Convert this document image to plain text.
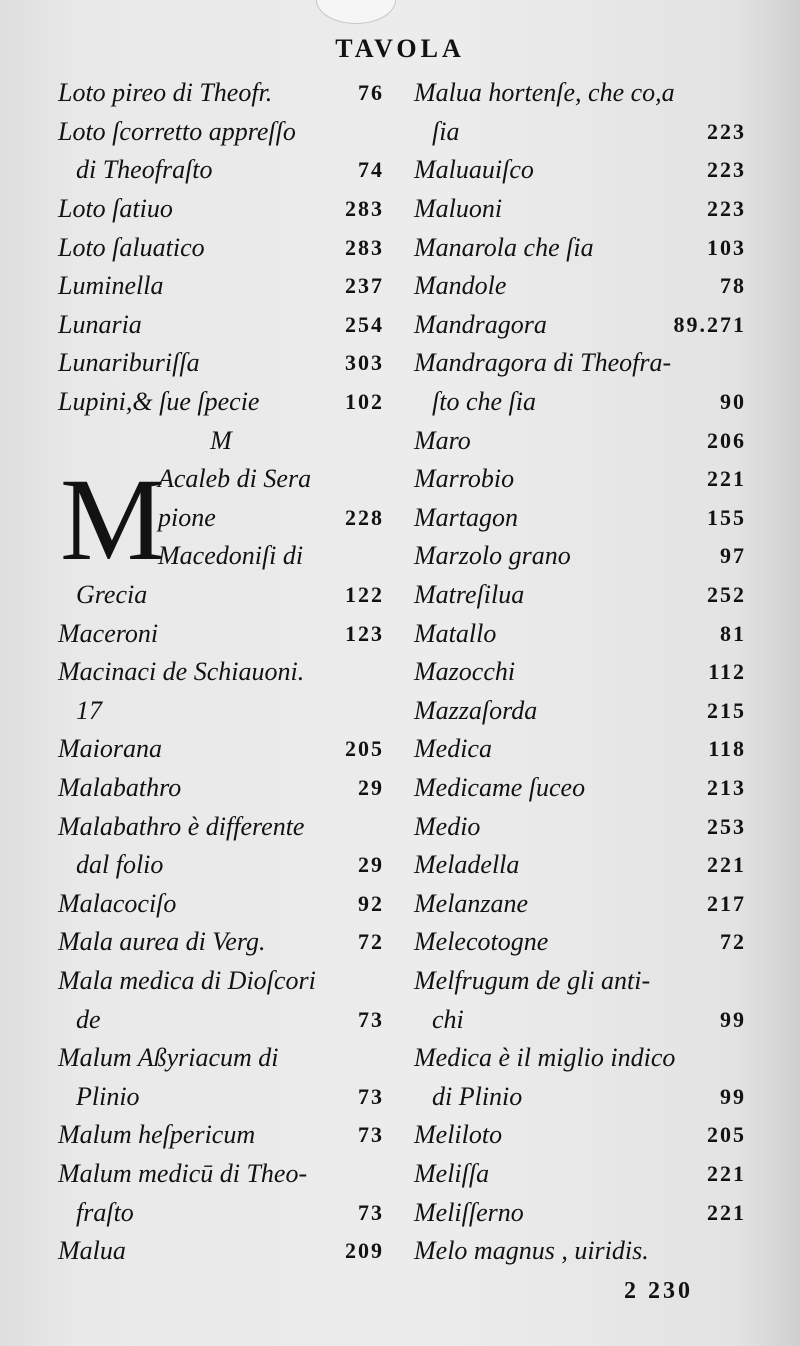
TAVOLA
M
Loto pireo di Theofr.	76
Loto ſcorretto appreſſo
di Theofraſto	74
Loto ſatiuo	283
Loto ſaluatico	283
Luminella	237
Lunaria	254
Lunariburiſſa	303
Lupini,& ſue ſpecie	102
M
Acaleb di Sera
pione	228
Macedoniſi di
Grecia	122
Maceroni	123
Macinaci de Schiauoni.
17
Maiorana	205
Malabathro	29
Malabathro è differente
dal folio	29
Malacociſo	92
Mala aurea di Verg.	72
Mala medica di Dioſcori
de	73
Malum Aßyriacum di
Plinio	73
Malum heſpericum	73
Malum medicū di Theo-
fraſto	73
Malua	209
Malua hortenſe, che co,a
ſia	223
Maluauiſco	223
Maluoni	223
Manarola che ſia	103
Mandole	78
Mandragora	89.271
Mandragora di Theofra-
ſto che ſia	90
Maro	206
Marrobio	221
Martagon	155
Marzolo grano	97
Matreſilua	252
Matallo	81
Mazocchi	112
Mazzaſorda	215
Medica	118
Medicame ſuceo	213
Medio	253
Meladella	221
Melanzane	217
Melecotogne	72
Melfrugum de gli anti-
chi	99
Medica è il miglio indico
di Plinio	99
Meliloto	205
Meliſſa	221
Meliſſerno	221
Melo magnus , uiridis.
2 230
